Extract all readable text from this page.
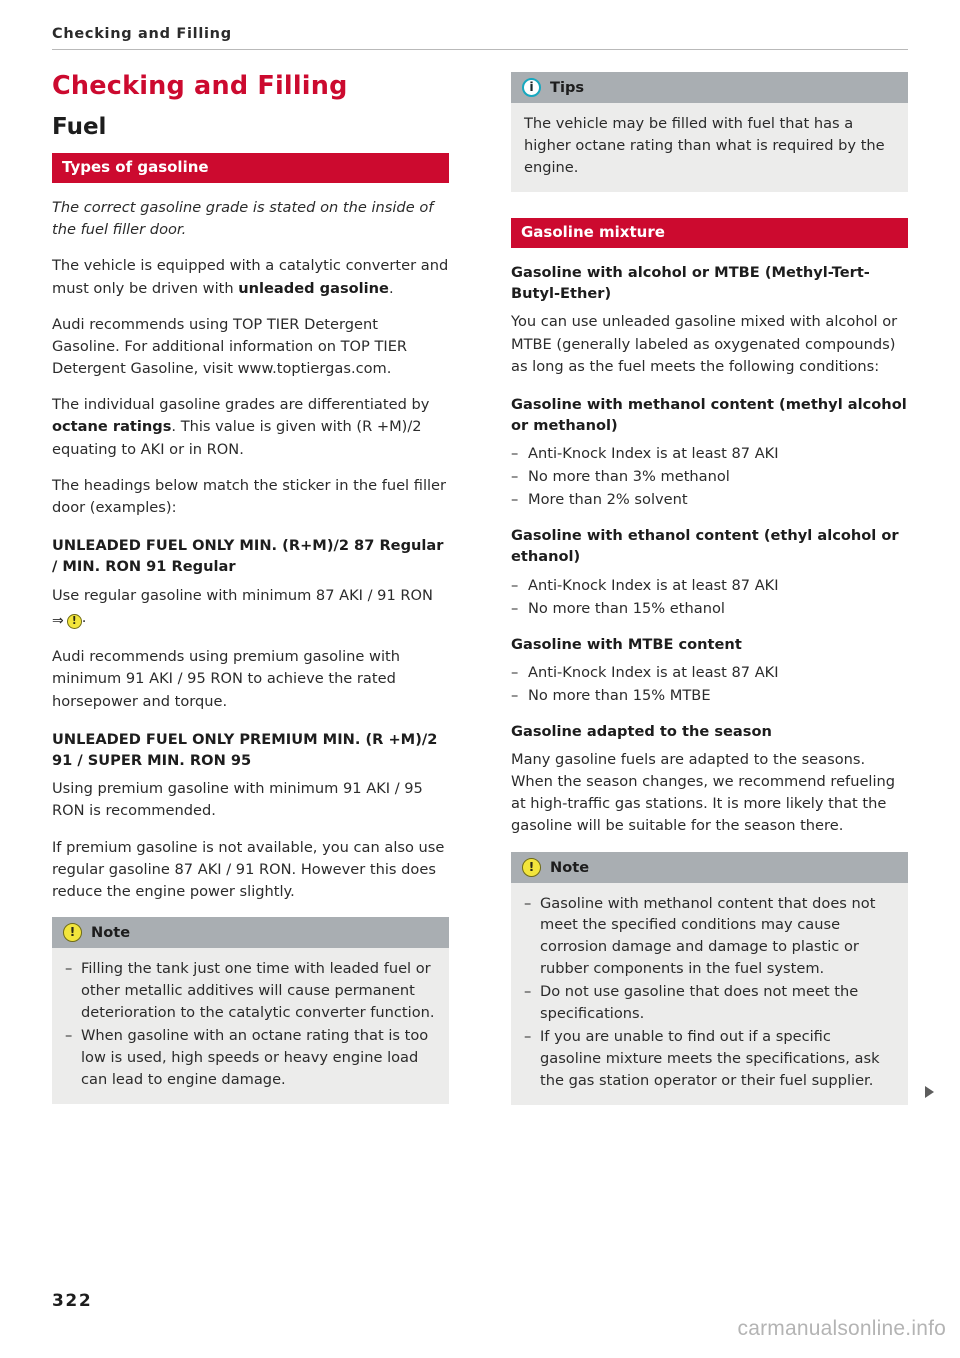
Checking and Filling
Checking and Filling
Fuel
Types of gasoline

The correct gasoline grade is stated on the inside of the fuel filler door.

The vehicle is equipped with a catalytic converter and must only be driven with unleaded gasoline.

Audi recommends using TOP TIER Detergent Gasoline. For additional information on TOP TIER Detergent Gasoline, visit www.toptiergas.com.

The individual gasoline grades are differentiated by octane ratings. This value is given with (R +M)/2 equating to AKI or in RON.

The headings below match the sticker in the fuel filler door (examples):

UNLEADED FUEL ONLY MIN. (R+M)/2 87 Regular / MIN. RON 91 Regular

Use regular gasoline with minimum 87 AKI / 91 RON
⇒ ! .

Audi recommends using premium gasoline with minimum 91 AKI / 95 RON to achieve the rated horsepower and torque.

UNLEADED FUEL ONLY PREMIUM MIN. (R +M)/2 91 / SUPER MIN. RON 95

Using premium gasoline with minimum 91 AKI / 95 RON is recommended.

If premium gasoline is not available, you can also use regular gasoline 87 AKI / 91 RON. However this does reduce the engine power slightly.

!	Note
– Filling the tank just one time with leaded fuel or other metallic additives will cause permanent deterioration to the catalytic converter function.
– When gasoline with an octane rating that is too low is used, high speeds or heavy engine load can lead to engine damage.
i	Tips

The vehicle may be filled with fuel that has a higher octane rating than what is required by the engine.

Gasoline mixture
Gasoline with alcohol or MTBE (Methyl-Tert-Butyl-Ether)

You can use unleaded gasoline mixed with alcohol or MTBE (generally labeled as oxygenated compounds) as long as the fuel meets the following conditions:

Gasoline with methanol content (methyl alcohol or methanol)
– Anti-Knock Index is at least 87 AKI
– No more than 3% methanol
– More than 2% solvent
Gasoline with ethanol content (ethyl alcohol or ethanol)
– Anti-Knock Index is at least 87 AKI
– No more than 15% ethanol
Gasoline with MTBE content
– Anti-Knock Index is at least 87 AKI
– No more than 15% MTBE
Gasoline adapted to the season

Many gasoline fuels are adapted to the seasons. When the season changes, we recommend refueling at high-traffic gas stations. It is more likely that the gasoline will be suitable for the season there.

!	Note
– Gasoline with methanol content that does not meet the specified conditions may cause corrosion damage and damage to plastic or rubber components in the fuel system.
– Do not use gasoline that does not meet the specifications.
– If you are unable to find out if a specific gasoline mixture meets the specifications, ask the gas station operator or their fuel supplier.
322
carmanualsonline.info
